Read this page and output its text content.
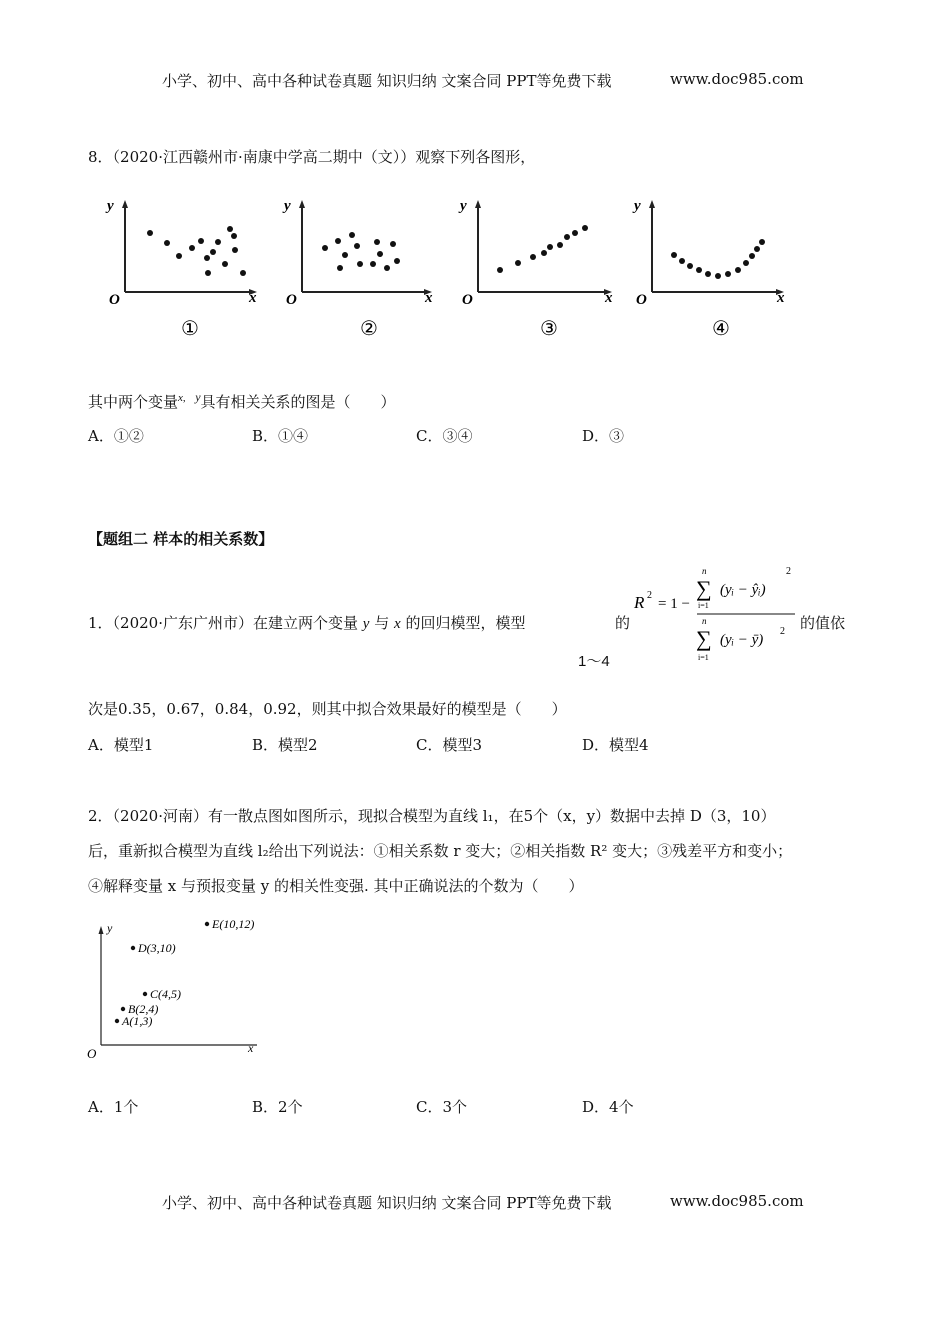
小学、初中、高中各种试卷真题 知识归纳 文案合同 PPT等免费下载	www.doc985.com
8．（2020·江西赣州市·南康中学高二期中（文））观察下列各图形，
y
x
O
①
y
x
O
②
y
x
O
③
y
x
O
④
其中两个变量$^{x,}$ $^y$具有相关关系的图是（　　）
A．①②	B．①④	C．③④	D．③
【题组二 样本的相关系数】
1．（2020·广东广州市）在建立两个变量 y 与 x 的回归模型，模型
1～4
的
R 2
= 1 −
n
∑
i=1
(yᵢ − ŷᵢ)
2
n
∑
i=1
(yᵢ − ȳ)
2 的值依
次是0.35，0.67，0.84，0.92，则其中拟合效果最好的模型是（　　）
A．模型1	B．模型2	C．模型3	D．模型4
2．（2020·河南）有一散点图如图所示，现拟合模型为直线 l₁，在5个（x，y）数据中去掉 D（3，10）
后，重新拟合模型为直线 l₂给出下列说法：①相关系数 r 变大；②相关指数 R² 变大；③残差平方和变小；
④解释变量 x 与预报变量 y 的相关性变强. 其中正确说法的个数为（　　）
y
x
O
E(10,12)
D(3,10)
C(4,5)
B(2,4)
A(1,3)
A．1个	B．2个	C．3个	D．4个
小学、初中、高中各种试卷真题 知识归纳 文案合同 PPT等免费下载	www.doc985.com
